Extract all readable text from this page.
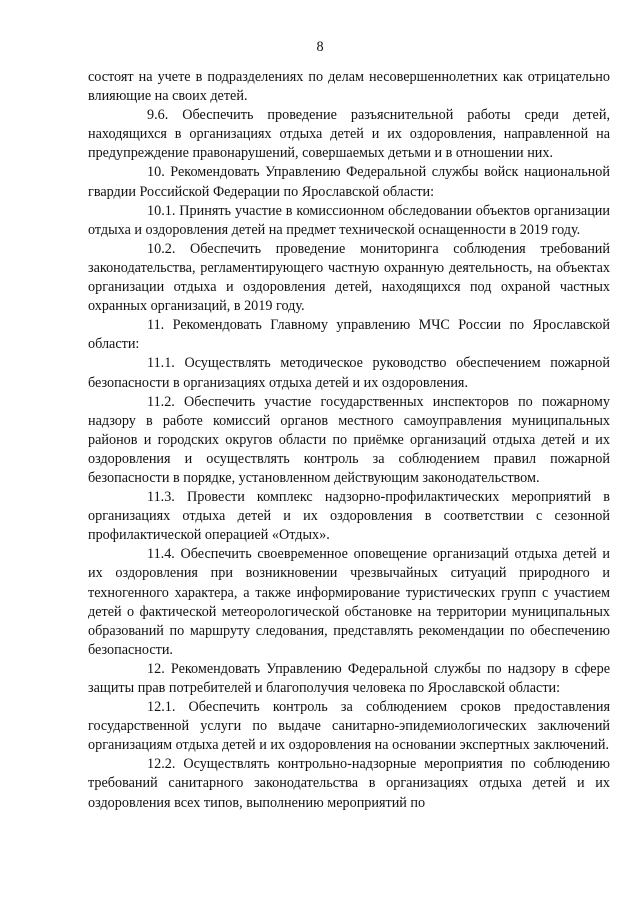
8

состоят на учете в подразделениях по делам несовершеннолетних как отрицательно влияющие на своих детей.

9.6. Обеспечить проведение разъяснительной работы среди детей, находящихся в организациях отдыха детей и их оздоровления, направленной на предупреждение правонарушений, совершаемых детьми и в отношении них.

10. Рекомендовать Управлению Федеральной службы войск национальной гвардии Российской Федерации по Ярославской области:

10.1. Принять участие в комиссионном обследовании объектов организации отдыха и оздоровления детей на предмет технической оснащенности в 2019 году.

10.2. Обеспечить проведение мониторинга соблюдения требований законодательства, регламентирующего частную охранную деятельность, на объектах организации отдыха и оздоровления детей, находящихся под охраной частных охранных организаций, в 2019 году.

11. Рекомендовать Главному управлению МЧС России по Ярославской области:

11.1. Осуществлять методическое руководство обеспечением пожарной безопасности в организациях отдыха детей и их оздоровления.

11.2. Обеспечить участие государственных инспекторов по пожарному надзору в работе комиссий органов местного самоуправления муниципальных районов и городских округов области по приёмке организаций отдыха детей и их оздоровления и осуществлять контроль за соблюдением правил пожарной безопасности в порядке, установленном действующим законодательством.

11.3. Провести комплекс надзорно-профилактических мероприятий в организациях отдыха детей и их оздоровления в соответствии с сезонной профилактической операцией «Отдых».

11.4. Обеспечить своевременное оповещение организаций отдыха детей и их оздоровления при возникновении чрезвычайных ситуаций природного и техногенного характера, а также информирование туристических групп с участием детей о фактической метеорологической обстановке на территории муниципальных образований по маршруту следования, представлять рекомендации по обеспечению безопасности.

12. Рекомендовать Управлению Федеральной службы по надзору в сфере защиты прав потребителей и благополучия человека по Ярославской области:

12.1. Обеспечить контроль за соблюдением сроков предоставления государственной услуги по выдаче санитарно-эпидемиологических заключений организациям отдыха детей и их оздоровления на основании экспертных заключений.

12.2. Осуществлять контрольно-надзорные мероприятия по соблюдению требований санитарного законодательства в организациях отдыха детей и их оздоровления всех типов, выполнению мероприятий по
